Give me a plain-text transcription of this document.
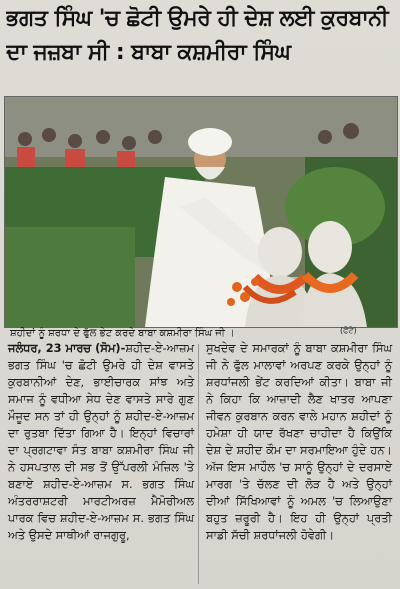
ਭਗਤ ਸਿੰਘ 'ਚ ਛੋਟੀ ਉਮਰੇ ਹੀ ਦੇਸ਼ ਲਈ ਕੁਰਬਾਨੀ
ਦਾ ਜਜ਼ਬਾ ਸੀ : ਬਾਬਾ ਕਸ਼ਮੀਰਾ ਸਿੰਘ
ਸ਼ਹੀਦਾਂ ਨੂੰ ਸ਼ਰਧਾ ਦੇ ਫੁੱਲ ਭੇਟ ਕਰਦੇ ਬਾਬਾ ਕਸ਼ਮੀਰਾ ਸਿੰਘ ਜੀ ।	(ਫੋਟੋ)
ਜਲੰਧਰ, 23 ਮਾਰਚ (ਸੋਮ)-ਸ਼ਹੀਦ-ਏ-ਆਜ਼ਮ ਭਗਤ ਸਿੰਘ 'ਚ ਛੋਟੀ ਉਮਰੇ ਹੀ ਦੇਸ਼ ਵਾਸਤੇ ਕੁਰਬਾਨੀਆਂ ਦੇਣ, ਭਾਈਚਾਰਕ ਸਾਂਝ ਅਤੇ ਸਮਾਜ ਨੂੰ ਵਧੀਆ ਸੇਧ ਦੇਣ ਵਾਸਤੇ ਸਾਰੇ ਗੁਣ ਮੌਜੂਦ ਸਨ ਤਾਂ ਹੀ ਉਨ੍ਹਾਂ ਨੂੰ ਸ਼ਹੀਦ-ਏ-ਆਜ਼ਮ ਦਾ ਰੁਤਬਾ ਦਿੱਤਾ ਗਿਆ ਹੈ। ਇਨ੍ਹਾਂ ਵਿਚਾਰਾਂ ਦਾ ਪ੍ਰਗਟਾਵਾ ਸੰਤ ਬਾਬਾ ਕਸ਼ਮੀਰਾ ਸਿੰਘ ਜੀ ਨੇ ਹਸਪਤਾਲ ਦੀ ਸਭ ਤੋਂ ਉੱਪਰਲੀ ਮੰਜ਼ਿਲ 'ਤੇ ਬਣਾਏ ਸ਼ਹੀਦ-ਏ-ਆਜ਼ਮ ਸ. ਭਗਤ ਸਿੰਘ ਅੰਤਰਰਾਸ਼ਟਰੀ ਮਾਰਟੀਅਰਜ਼ ਮੈਮੋਰੀਅਲ ਪਾਰਕ ਵਿਚ ਸ਼ਹੀਦ-ਏ-ਆਜ਼ਮ ਸ. ਭਗਤ ਸਿੰਘ ਅਤੇ ਉਸਦੇ ਸਾਥੀਆਂ ਰਾਜਗੁਰੂ,
ਸੁਖਦੇਵ ਦੇ ਸਮਾਰਕਾਂ ਨੂੰ ਬਾਬਾ ਕਸ਼ਮੀਰਾ ਸਿੰਘ ਜੀ ਨੇ ਫੁੱਲ ਮਾਲਾਵਾਂ ਅਰਪਣ ਕਰਕੇ ਉਨ੍ਹਾਂ ਨੂੰ ਸ਼ਰਧਾਂਜਲੀ ਭੇਂਟ ਕਰਦਿਆਂ ਕੀਤਾ। ਬਾਬਾ ਜੀ ਨੇ ਕਿਹਾ ਕਿ ਆਜ਼ਾਦੀ ਲੈਣ ਖਾਤਰ ਆਪਣਾ ਜੀਵਨ ਕੁਰਬਾਨ ਕਰਨ ਵਾਲੇ ਮਹਾਨ ਸ਼ਹੀਦਾਂ ਨੂੰ ਹਮੇਸ਼ਾ ਹੀ ਯਾਦ ਰੱਖਣਾ ਚਾਹੀਦਾ ਹੈ ਕਿਉਂਕਿ ਦੇਸ਼ ਦੇ ਸ਼ਹੀਦ ਕੌਮ ਦਾ ਸਰਮਾਇਆ ਹੁੰਦੇ ਹਨ। ਅੱਜ ਇਸ ਮਾਹੌਲ 'ਚ ਸਾਨੂੰ ਉਨ੍ਹਾਂ ਦੇ ਦਰਸਾਏ ਮਾਰਗ 'ਤੇ ਚੱਲਣ ਦੀ ਲੋੜ ਹੈ ਅਤੇ ਉਨ੍ਹਾਂ ਦੀਆਂ ਸਿੱਖਿਆਵਾਂ ਨੂੰ ਅਮਲ 'ਚ ਲਿਆਉਣਾ ਬਹੁਤ ਜ਼ਰੂਰੀ ਹੈ। ਇਹ ਹੀ ਉਨ੍ਹਾਂ ਪ੍ਰਤੀ ਸਾਡੀ ਸੱਚੀ ਸ਼ਰਧਾਂਜਲੀ ਹੋਵੇਗੀ।
